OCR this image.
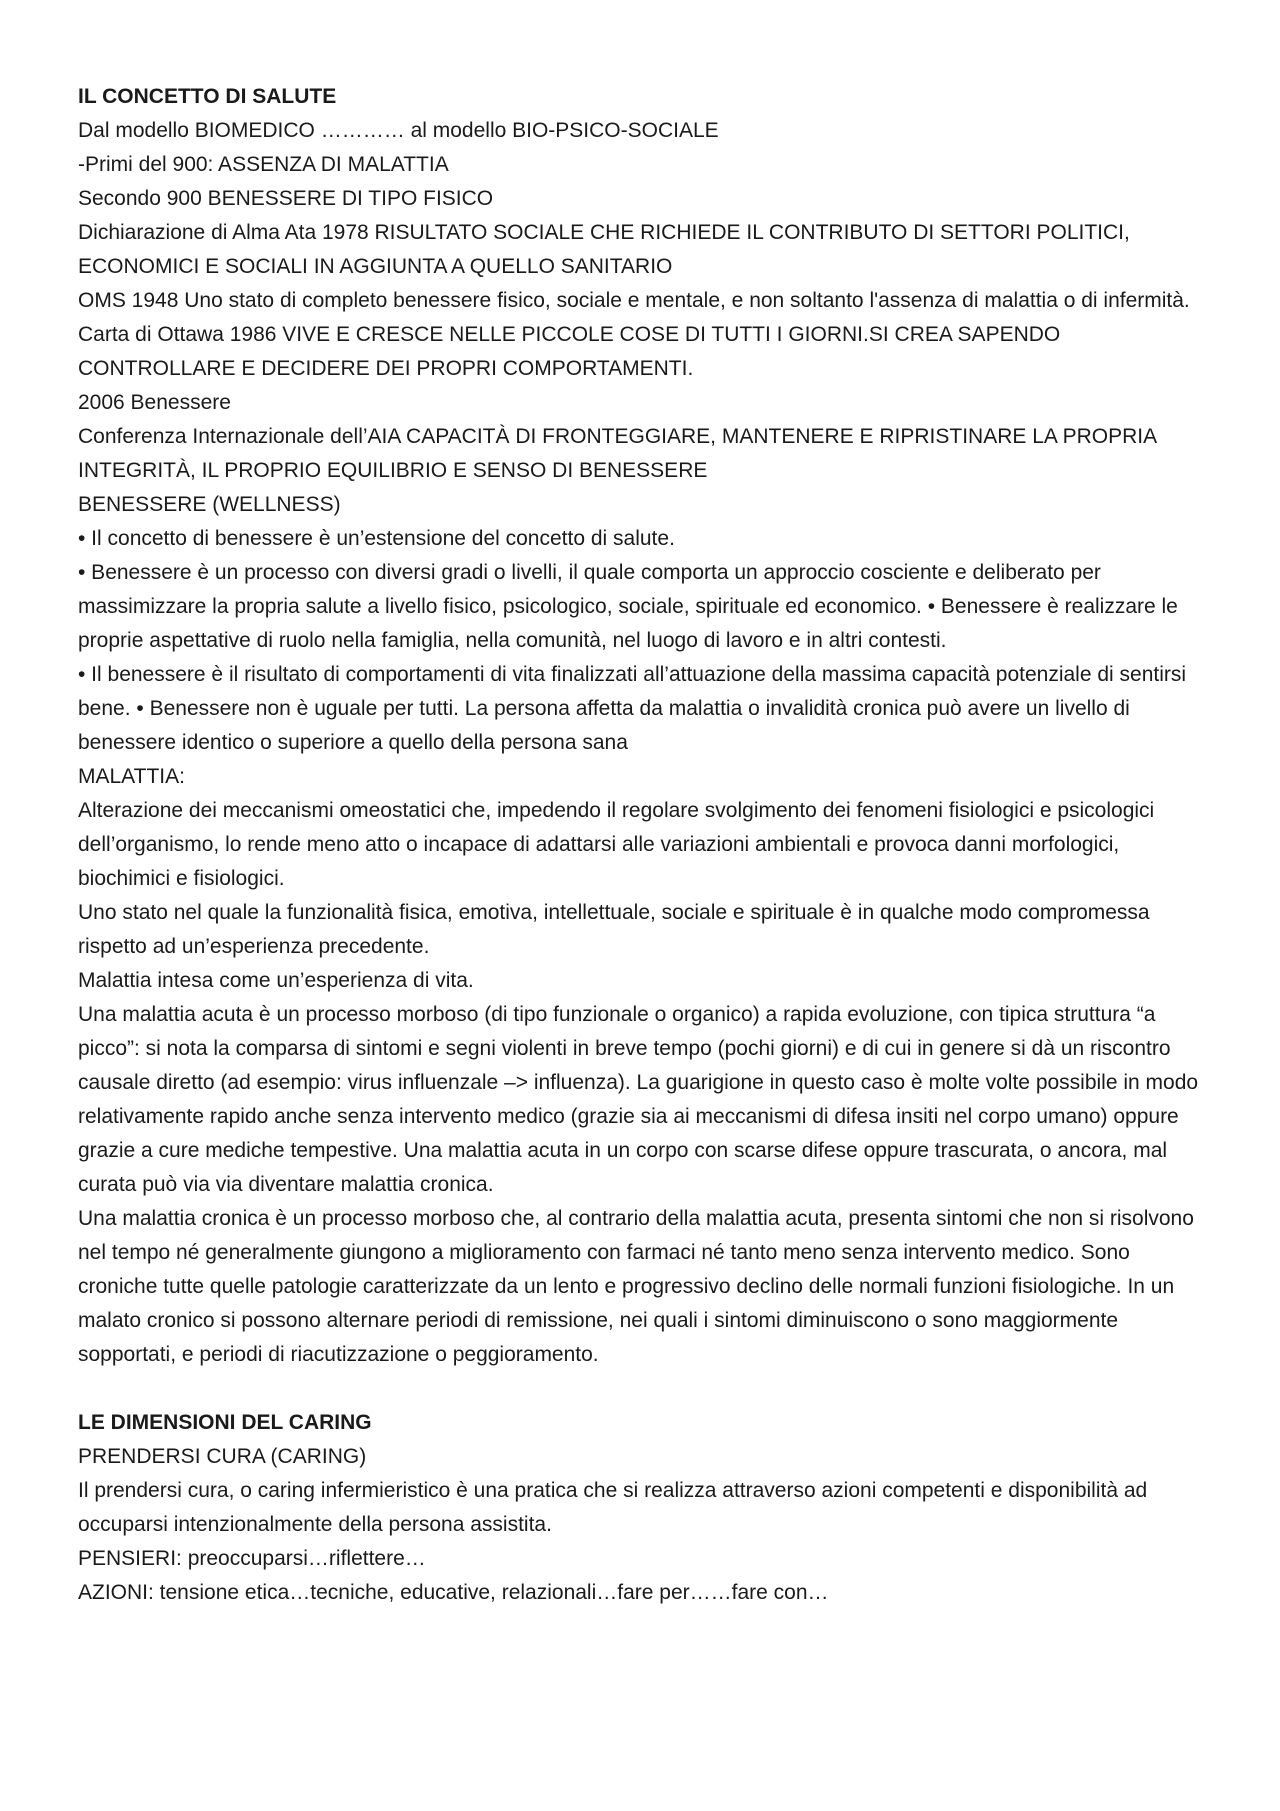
IL CONCETTO DI SALUTE

Dal modello BIOMEDICO ………… al modello BIO-PSICO-SOCIALE

-Primi del 900: ASSENZA DI MALATTIA

Secondo 900 BENESSERE DI TIPO FISICO

Dichiarazione di Alma Ata 1978 RISULTATO SOCIALE CHE RICHIEDE IL CONTRIBUTO DI SETTORI POLITICI, ECONOMICI E SOCIALI IN AGGIUNTA A QUELLO SANITARIO

OMS 1948 Uno stato di completo benessere fisico, sociale e mentale, e non soltanto l'assenza di malattia o di infermità.

Carta di Ottawa 1986 VIVE E CRESCE NELLE PICCOLE COSE DI TUTTI I GIORNI.SI CREA SAPENDO CONTROLLARE E DECIDERE DEI PROPRI COMPORTAMENTI.

2006 Benessere

Conferenza Internazionale dell’AIA CAPACITÀ DI FRONTEGGIARE, MANTENERE E RIPRISTINARE LA PROPRIA INTEGRITÀ, IL PROPRIO EQUILIBRIO E SENSO DI BENESSERE

BENESSERE (WELLNESS)

• Il concetto di benessere è un’estensione del concetto di salute.

• Benessere è un processo con diversi gradi o livelli, il quale comporta un approccio cosciente e deliberato per massimizzare la propria salute a livello fisico, psicologico, sociale, spirituale ed economico. • Benessere è realizzare le proprie aspettative di ruolo nella famiglia, nella comunità, nel luogo di lavoro e in altri contesti.

• Il benessere è il risultato di comportamenti di vita finalizzati all’attuazione della massima capacità potenziale di sentirsi bene. • Benessere non è uguale per tutti. La persona affetta da malattia o invalidità cronica può avere un livello di benessere identico o superiore a quello della persona sana

MALATTIA:

Alterazione dei meccanismi omeostatici che, impedendo il regolare svolgimento dei fenomeni fisiologici e psicologici dell’organismo, lo rende meno atto o incapace di adattarsi alle variazioni ambientali e provoca danni morfologici, biochimici e fisiologici.

Uno stato nel quale la funzionalità fisica, emotiva, intellettuale, sociale e spirituale è in qualche modo compromessa rispetto ad un’esperienza precedente.

Malattia intesa come un’esperienza di vita.

Una malattia acuta è un processo morboso (di tipo funzionale o organico) a rapida evoluzione, con tipica struttura “a picco”: si nota la comparsa di sintomi e segni violenti in breve tempo (pochi giorni) e di cui in genere si dà un riscontro causale diretto (ad esempio: virus influenzale –> influenza). La guarigione in questo caso è molte volte possibile in modo relativamente rapido anche senza intervento medico (grazie sia ai meccanismi di difesa insiti nel corpo umano) oppure grazie a cure mediche tempestive. Una malattia acuta in un corpo con scarse difese oppure trascurata, o ancora, mal curata può via via diventare malattia cronica.

Una malattia cronica è un processo morboso che, al contrario della malattia acuta, presenta sintomi che non si risolvono nel tempo né generalmente giungono a miglioramento con farmaci né tanto meno senza intervento medico. Sono croniche tutte quelle patologie caratterizzate da un lento e progressivo declino delle normali funzioni fisiologiche. In un malato cronico si possono alternare periodi di remissione, nei quali i sintomi diminuiscono o sono maggiormente sopportati, e periodi di riacutizzazione o peggioramento.

LE DIMENSIONI DEL CARING

PRENDERSI CURA (CARING)

Il prendersi cura, o caring infermieristico è una pratica che si realizza attraverso azioni competenti e disponibilità ad occuparsi intenzionalmente della persona assistita.

PENSIERI: preoccuparsi…riflettere…

AZIONI: tensione etica…tecniche, educative, relazionali…fare per……fare con…
